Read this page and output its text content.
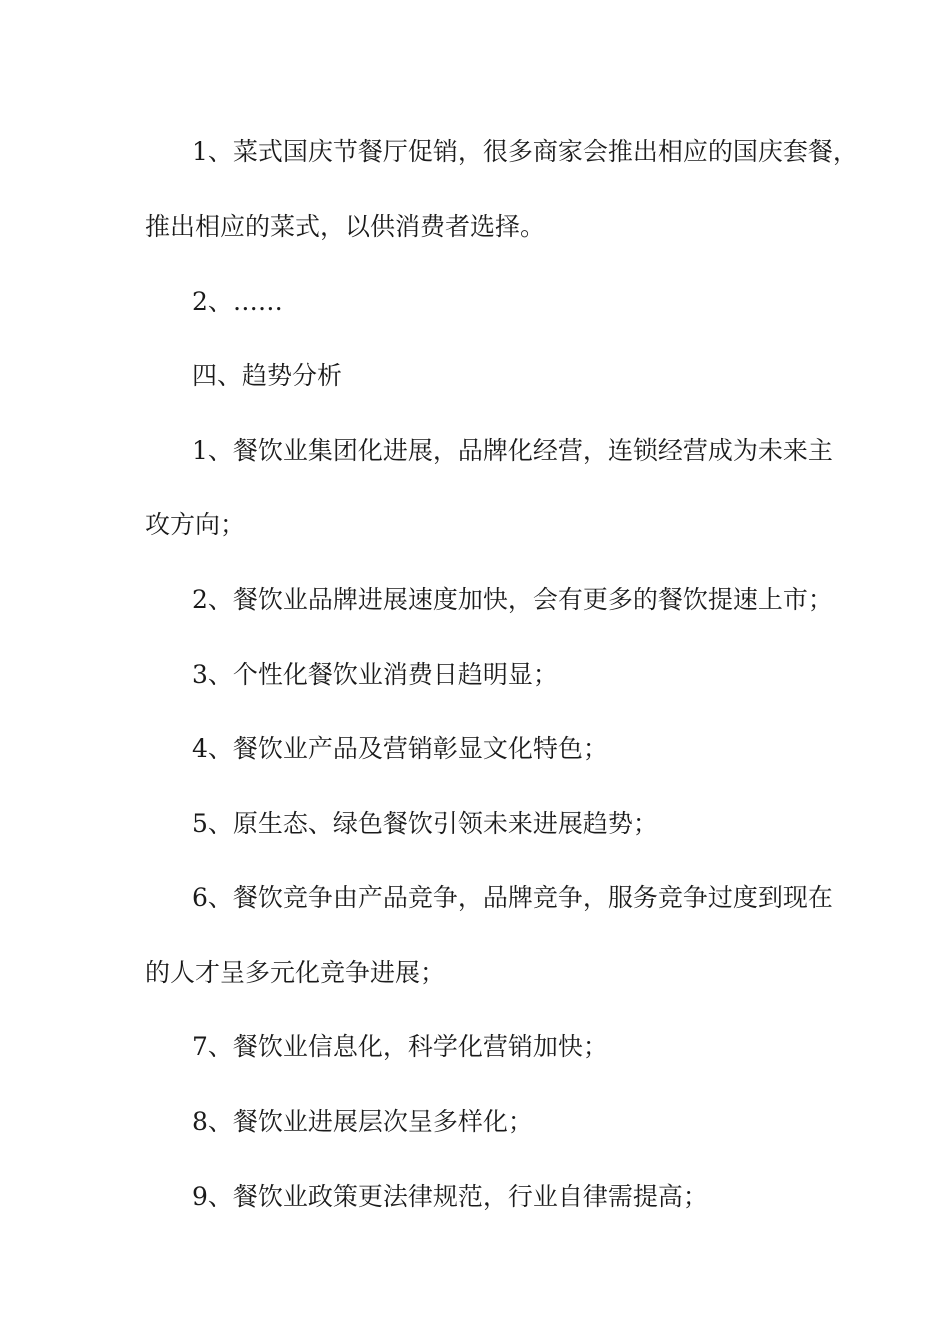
1、菜式国庆节餐厅促销，很多商家会推出相应的国庆套餐，
推出相应的菜式，以供消费者选择。
2、……
四、趋势分析
1、餐饮业集团化进展，品牌化经营，连锁经营成为未来主
攻方向；
2、餐饮业品牌进展速度加快，会有更多的餐饮提速上市；
3、个性化餐饮业消费日趋明显；
4、餐饮业产品及营销彰显文化特色；
5、原生态、绿色餐饮引领未来进展趋势；
6、餐饮竞争由产品竞争，品牌竞争，服务竞争过度到现在
的人才呈多元化竞争进展；
7、餐饮业信息化，科学化营销加快；
8、餐饮业进展层次呈多样化；
9、餐饮业政策更法律规范，行业自律需提高；
